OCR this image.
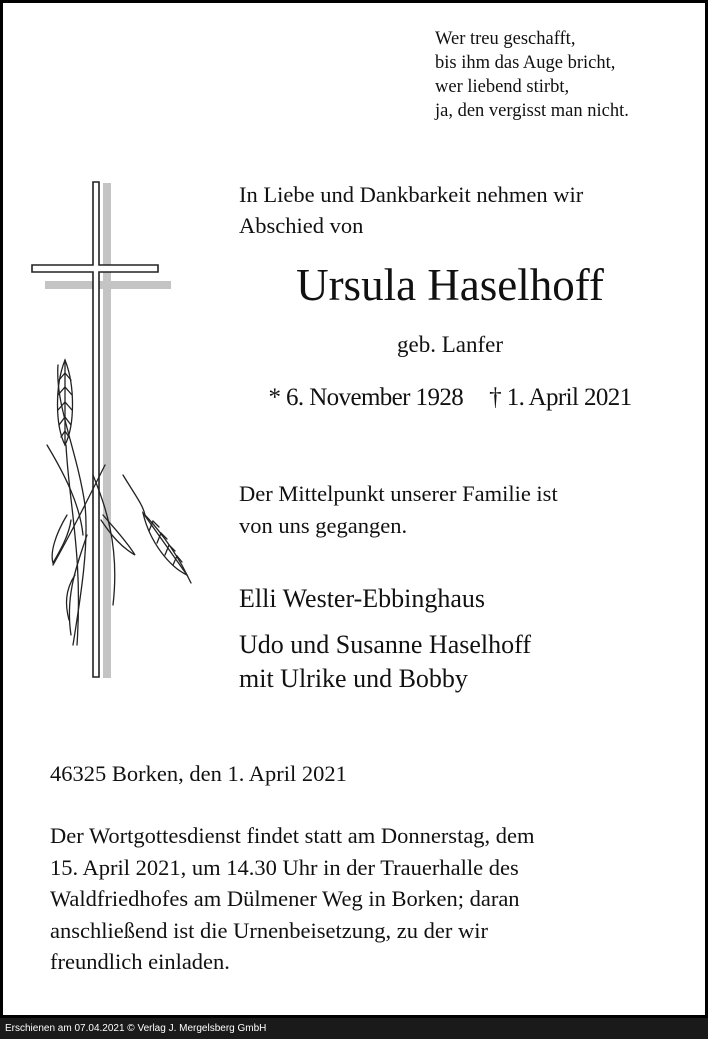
Wer treu geschafft,
bis ihm das Auge bricht,
wer liebend stirbt,
ja, den vergisst man nicht.
In Liebe und Dankbarkeit nehmen wir
Abschied von
Ursula Haselhoff
geb. Lanfer
* 6. November 1928 † 1. April 2021

Der Mittelpunkt unserer Familie ist

von uns gegangen.

Elli Wester-Ebbinghaus
Udo und Susanne Haselhoff
mit Ulrike und Bobby
46325 Borken, den 1. April 2021

Der Wortgottesdienst findet statt am Donnerstag, dem

15. April 2021, um 14.30 Uhr in der Trauerhalle des

Waldfriedhofes am Dülmener Weg in Borken; daran

anschließend ist die Urnenbeisetzung, zu der wir

freundlich einladen.

Erschienen am 07.04.2021 © Verlag J. Mergelsberg GmbH
